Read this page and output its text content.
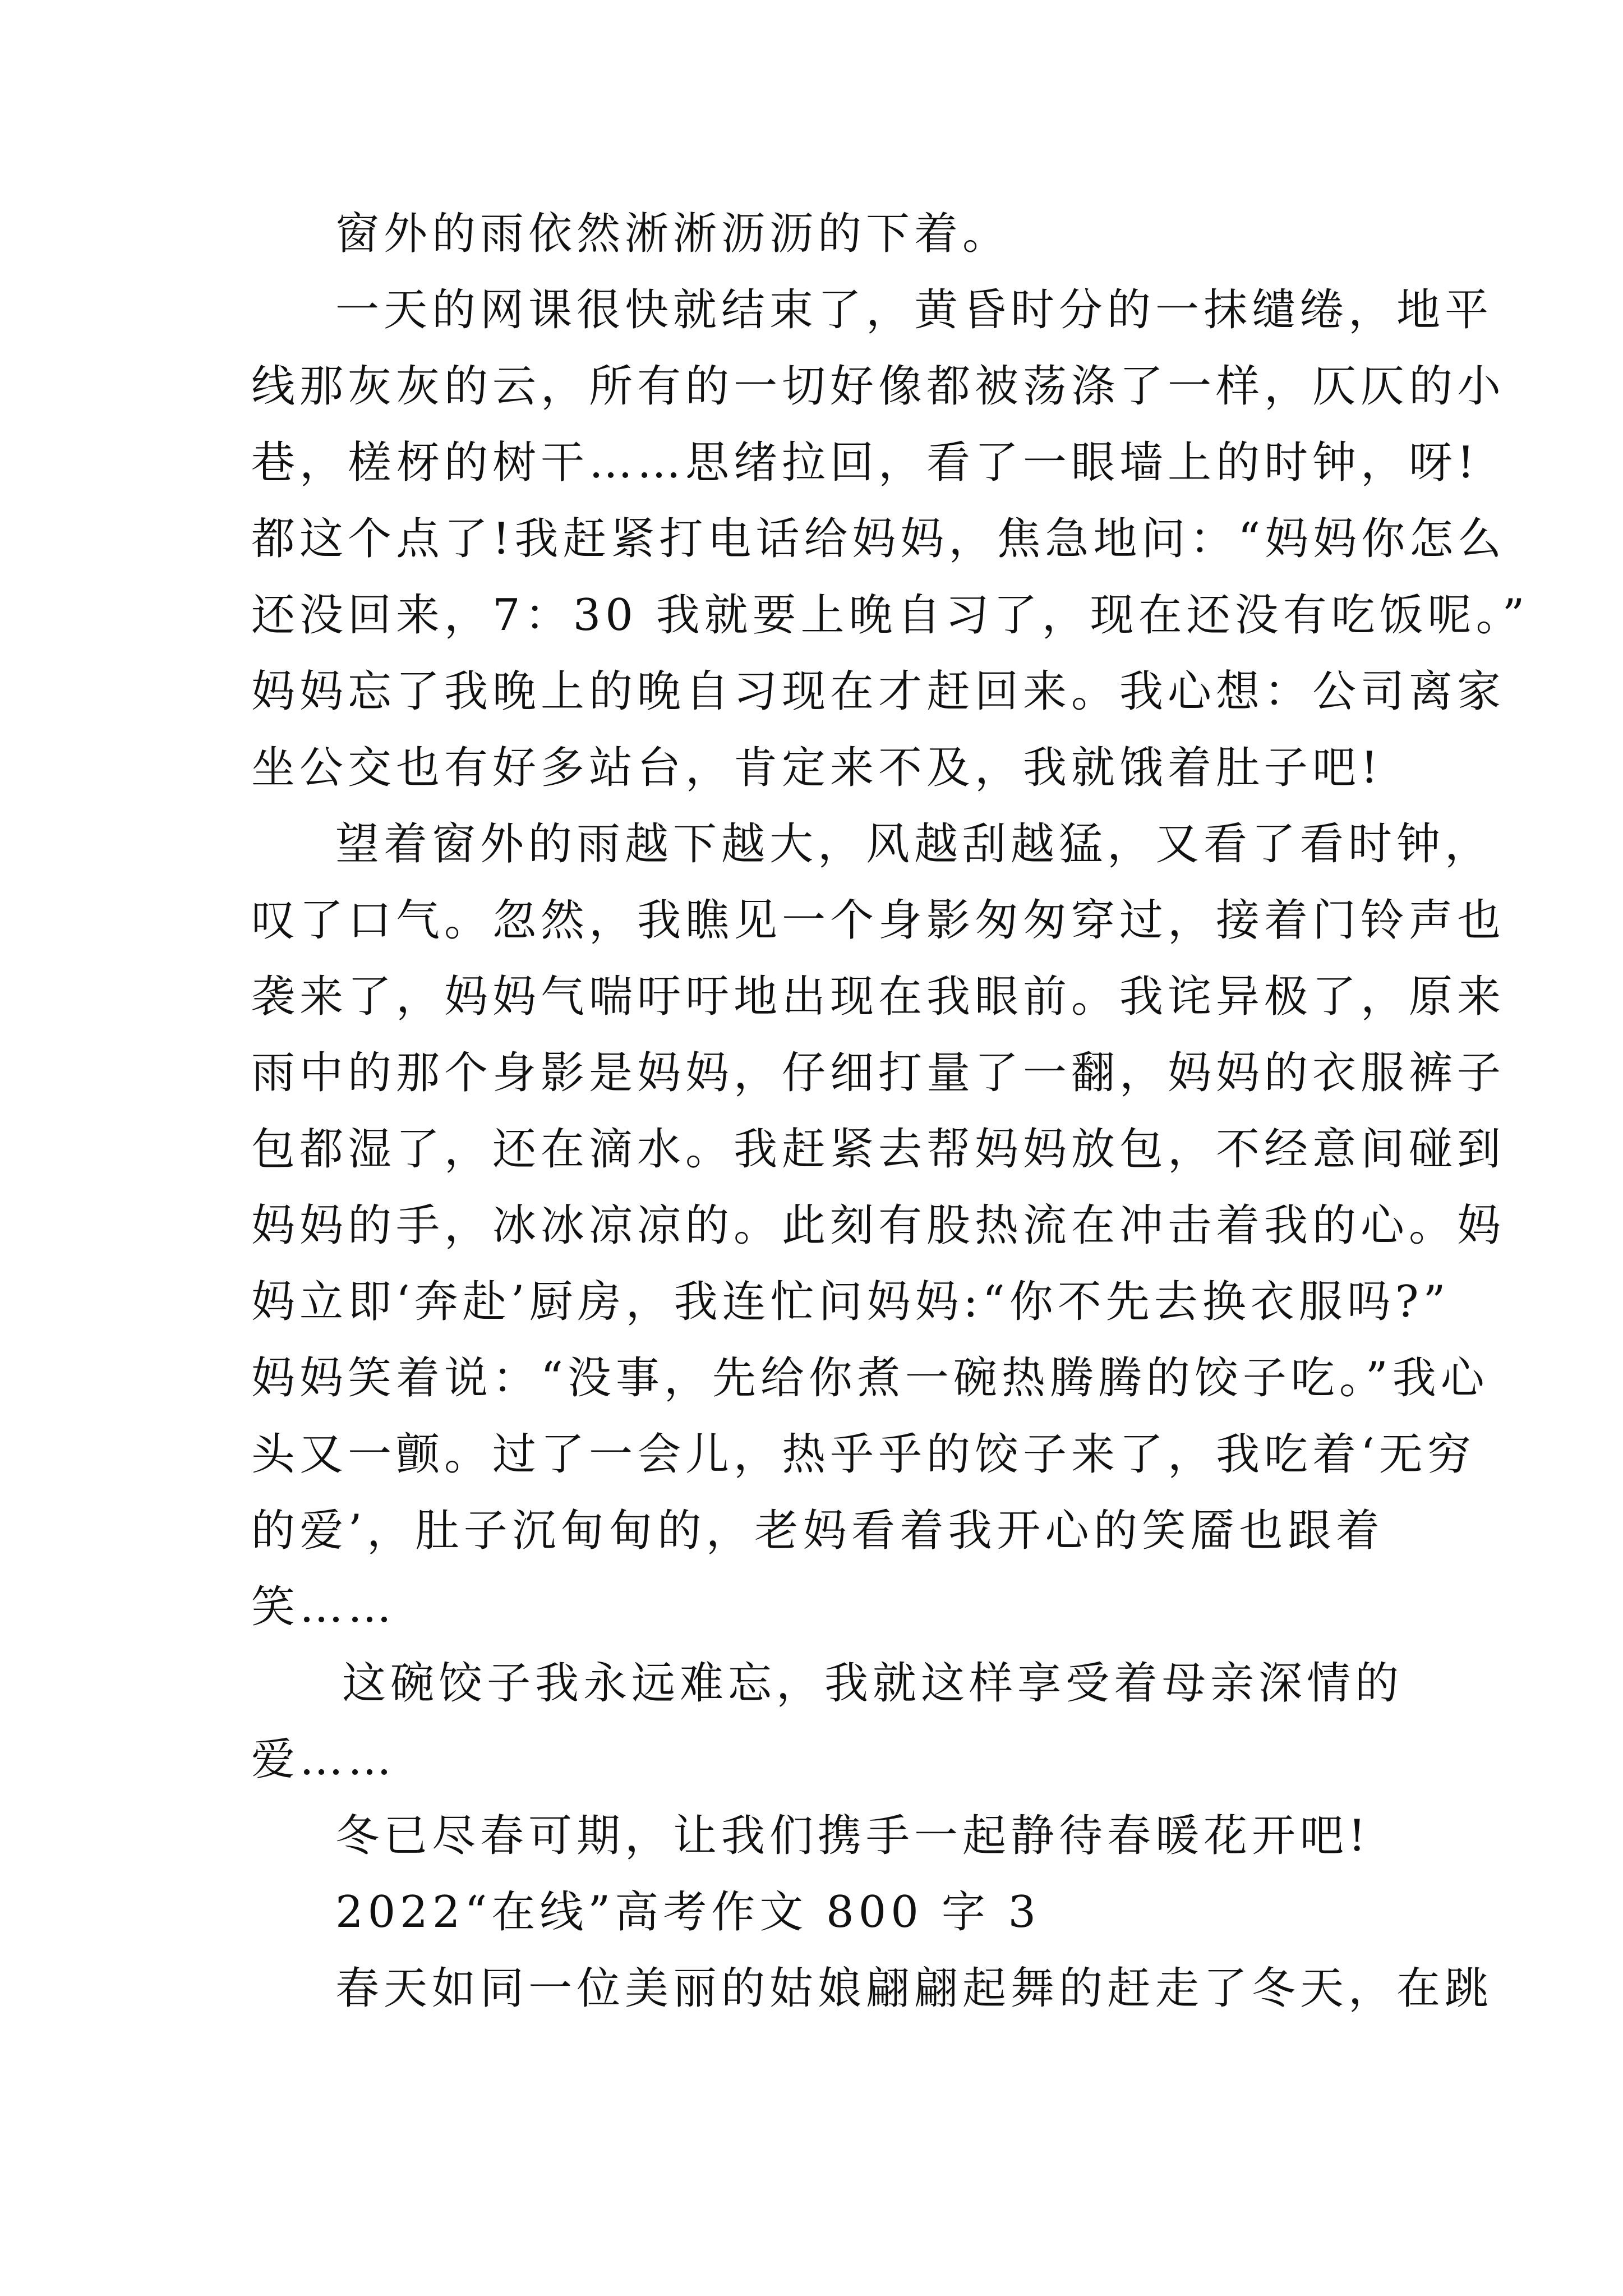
窗外的雨依然淅淅沥沥的下着。
一天的网课很快就结束了，黄昏时分的一抹缱绻，地平
线那灰灰的云，所有的一切好像都被荡涤了一样，仄仄的小
巷，槎枒的树干……思绪拉回，看了一眼墙上的时钟，呀!
都这个点了!我赶紧打电话给妈妈，焦急地问：“妈妈你怎么
还没回来，7：30 我就要上晚自习了，现在还没有吃饭呢。”
妈妈忘了我晚上的晚自习现在才赶回来。我心想：公司离家
坐公交也有好多站台，肯定来不及，我就饿着肚子吧!
望着窗外的雨越下越大，风越刮越猛，又看了看时钟，
叹了口气。忽然，我瞧见一个身影匆匆穿过，接着门铃声也
袭来了，妈妈气喘吁吁地出现在我眼前。我诧异极了，原来
雨中的那个身影是妈妈，仔细打量了一翻，妈妈的衣服裤子
包都湿了，还在滴水。我赶紧去帮妈妈放包，不经意间碰到
妈妈的手，冰冰凉凉的。此刻有股热流在冲击着我的心。妈
妈立即‘奔赴’厨房，我连忙问妈妈:“你不先去换衣服吗?”
妈妈笑着说：“没事，先给你煮一碗热腾腾的饺子吃。”我心
头又一颤。过了一会儿，热乎乎的饺子来了，我吃着‘无穷
的爱’，肚子沉甸甸的，老妈看着我开心的笑靥也跟着
笑……
这碗饺子我永远难忘，我就这样享受着母亲深情的
爱……
冬已尽春可期，让我们携手一起静待春暖花开吧!
2022“在线”高考作文 800 字 3
春天如同一位美丽的姑娘翩翩起舞的赶走了冬天，在跳
